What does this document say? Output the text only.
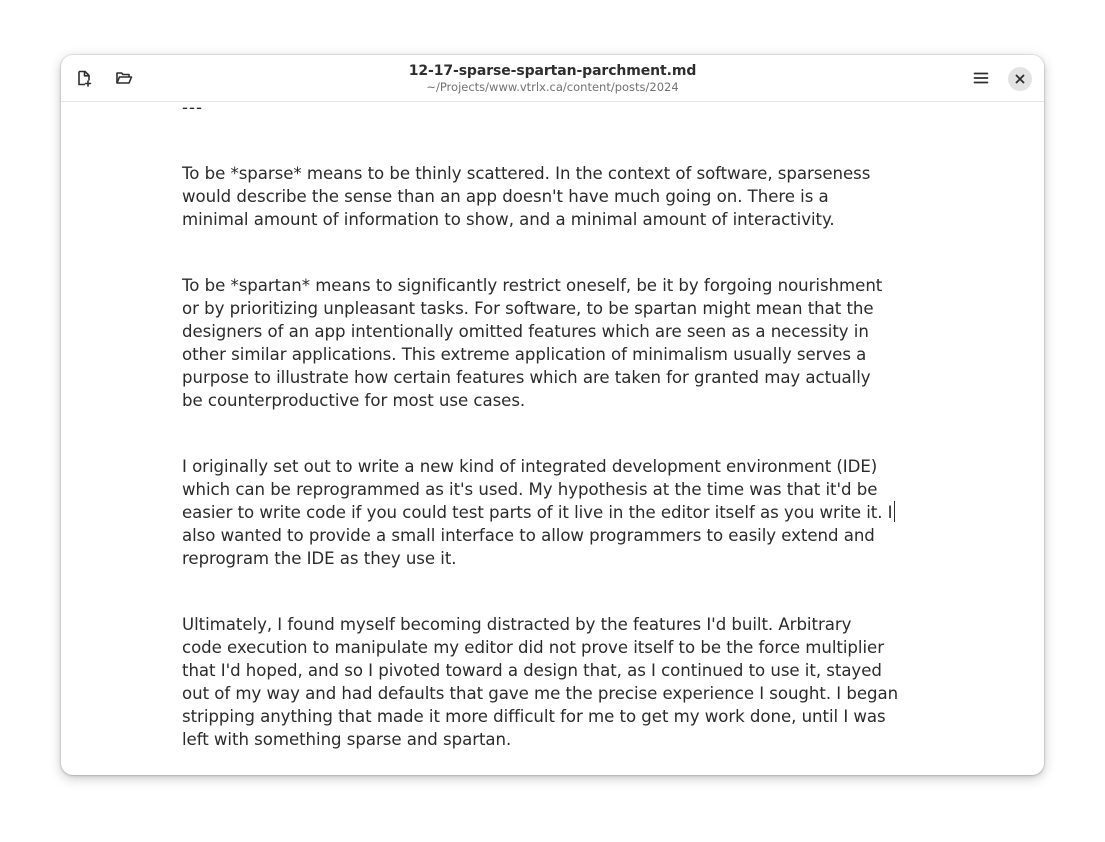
12-17-sparse-spartan-parchment.md
~/Projects/www.vtrlx.ca/content/posts/2024
---

To be *sparse* means to be thinly scattered. In the context of software, sparseness
would describe the sense than an app doesn't have much going on. There is a
minimal amount of information to show, and a minimal amount of interactivity.

To be *spartan* means to significantly restrict oneself, be it by forgoing nourishment
or by prioritizing unpleasant tasks. For software, to be spartan might mean that the
designers of an app intentionally omitted features which are seen as a necessity in
other similar applications. This extreme application of minimalism usually serves a
purpose to illustrate how certain features which are taken for granted may actually
be counterproductive for most use cases.

I originally set out to write a new kind of integrated development environment (IDE)
which can be reprogrammed as it's used. My hypothesis at the time was that it'd be
easier to write code if you could test parts of it live in the editor itself as you write it. I
also wanted to provide a small interface to allow programmers to easily extend and
reprogram the IDE as they use it.

Ultimately, I found myself becoming distracted by the features I'd built. Arbitrary
code execution to manipulate my editor did not prove itself to be the force multiplier
that I'd hoped, and so I pivoted toward a design that, as I continued to use it, stayed
out of my way and had defaults that gave me the precise experience I sought. I began
stripping anything that made it more difficult for me to get my work done, until I was
left with something sparse and spartan.
